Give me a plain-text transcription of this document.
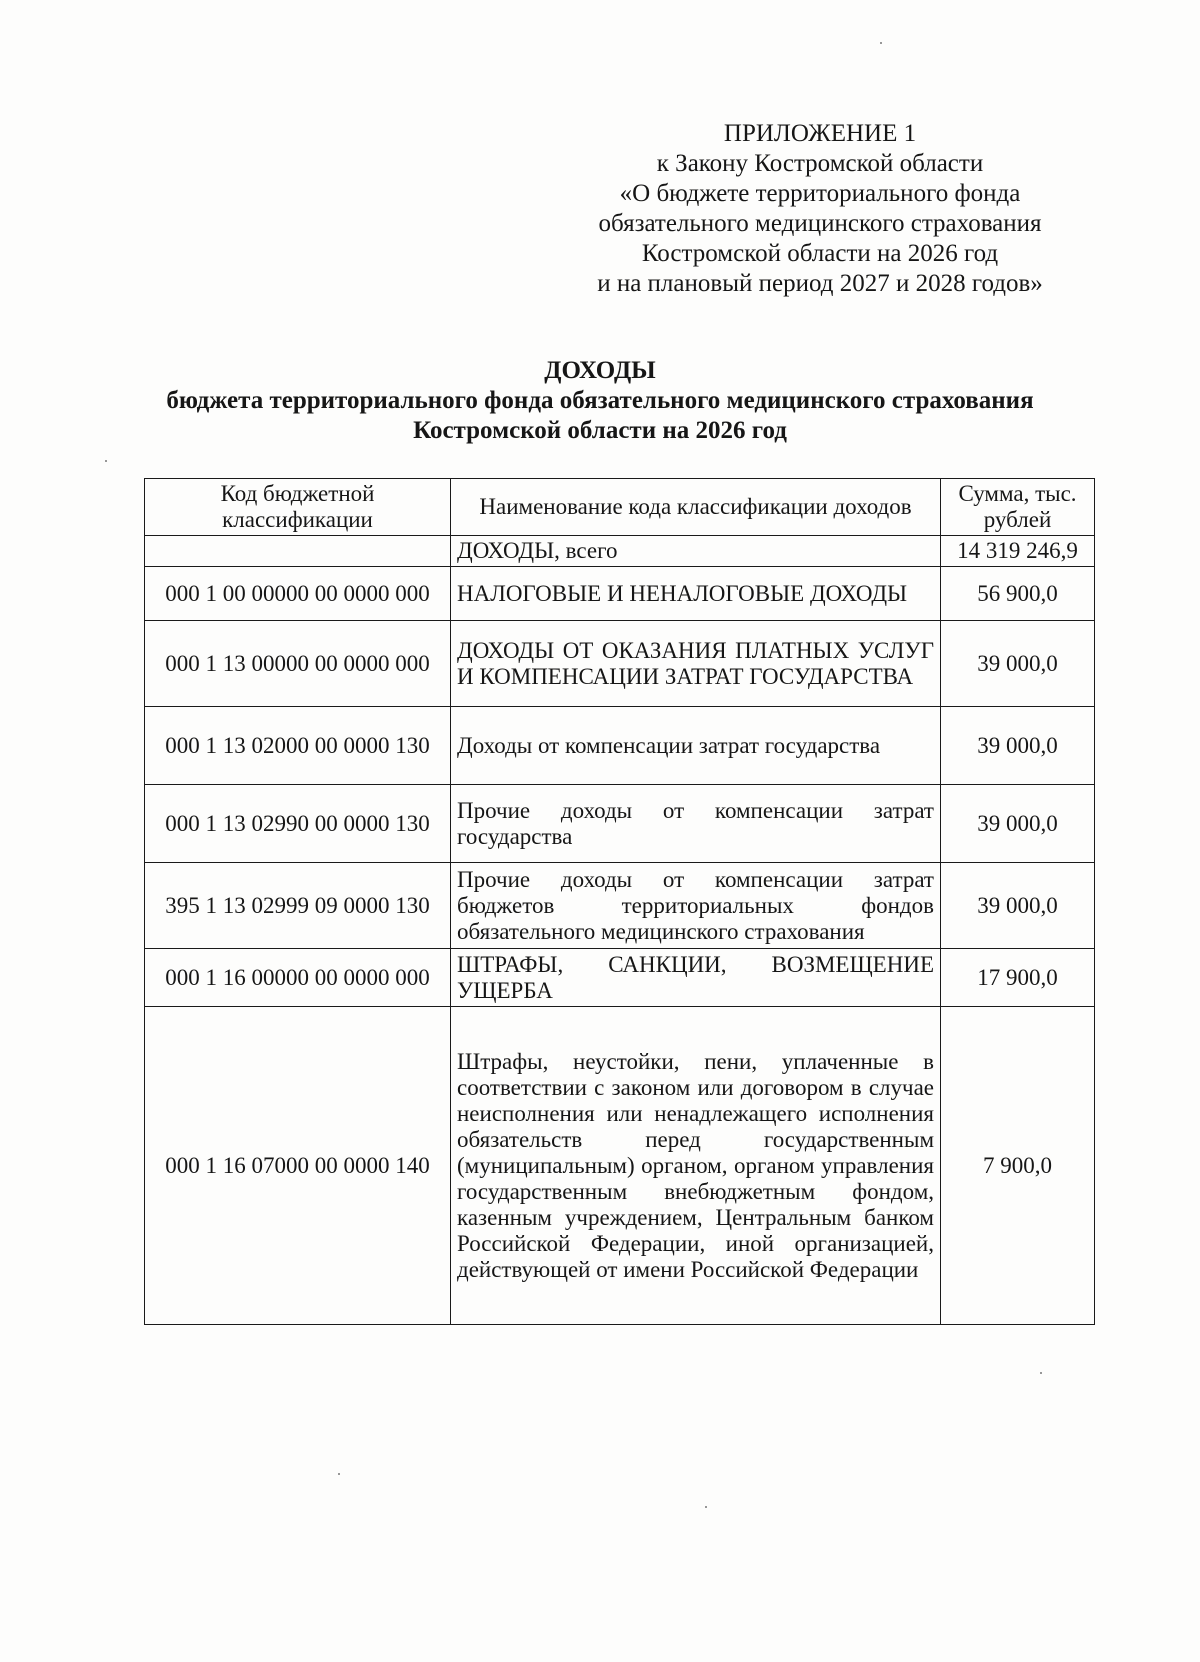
ПРИЛОЖЕНИЕ 1
к Закону Костромской области
«О бюджете территориального фонда
обязательного медицинского страхования
Костромской области на 2026 год
и на плановый период 2027 и 2028 годов»
ДОХОДЫ
бюджета территориального фонда обязательного медицинского страхования
Костромской области на 2026 год
Код бюджетной классификации	Наименование кода классификации доходов	Сумма, тыс. рублей
	ДОХОДЫ, всего	14 319 246,9
000 1 00 00000 00 0000 000	НАЛОГОВЫЕ И НЕНАЛОГОВЫЕ ДОХОДЫ	56 900,0
000 1 13 00000 00 0000 000	ДОХОДЫ ОТ ОКАЗАНИЯ ПЛАТНЫХ УСЛУГ И КОМПЕНСАЦИИ ЗАТРАТ ГОСУДАРСТВА	39 000,0
000 1 13 02000 00 0000 130	Доходы от компенсации затрат государства	39 000,0
000 1 13 02990 00 0000 130	Прочие доходы от компенсации затрат государства	39 000,0
395 1 13 02999 09 0000 130	Прочие доходы от компенсации затрат бюджетов территориальных фондов обязательного медицинского страхования	39 000,0
000 1 16 00000 00 0000 000	ШТРАФЫ, САНКЦИИ, ВОЗМЕЩЕНИЕ УЩЕРБА	17 900,0
000 1 16 07000 00 0000 140	Штрафы, неустойки, пени, уплаченные в соответствии с законом или договором в случае неисполнения или ненадлежащего исполнения обязательств перед государственным (муниципальным) органом, органом управления государственным внебюджетным фондом, казенным учреждением, Центральным банком Российской Федерации, иной организацией, действующей от имени Российской Федерации	7 900,0
